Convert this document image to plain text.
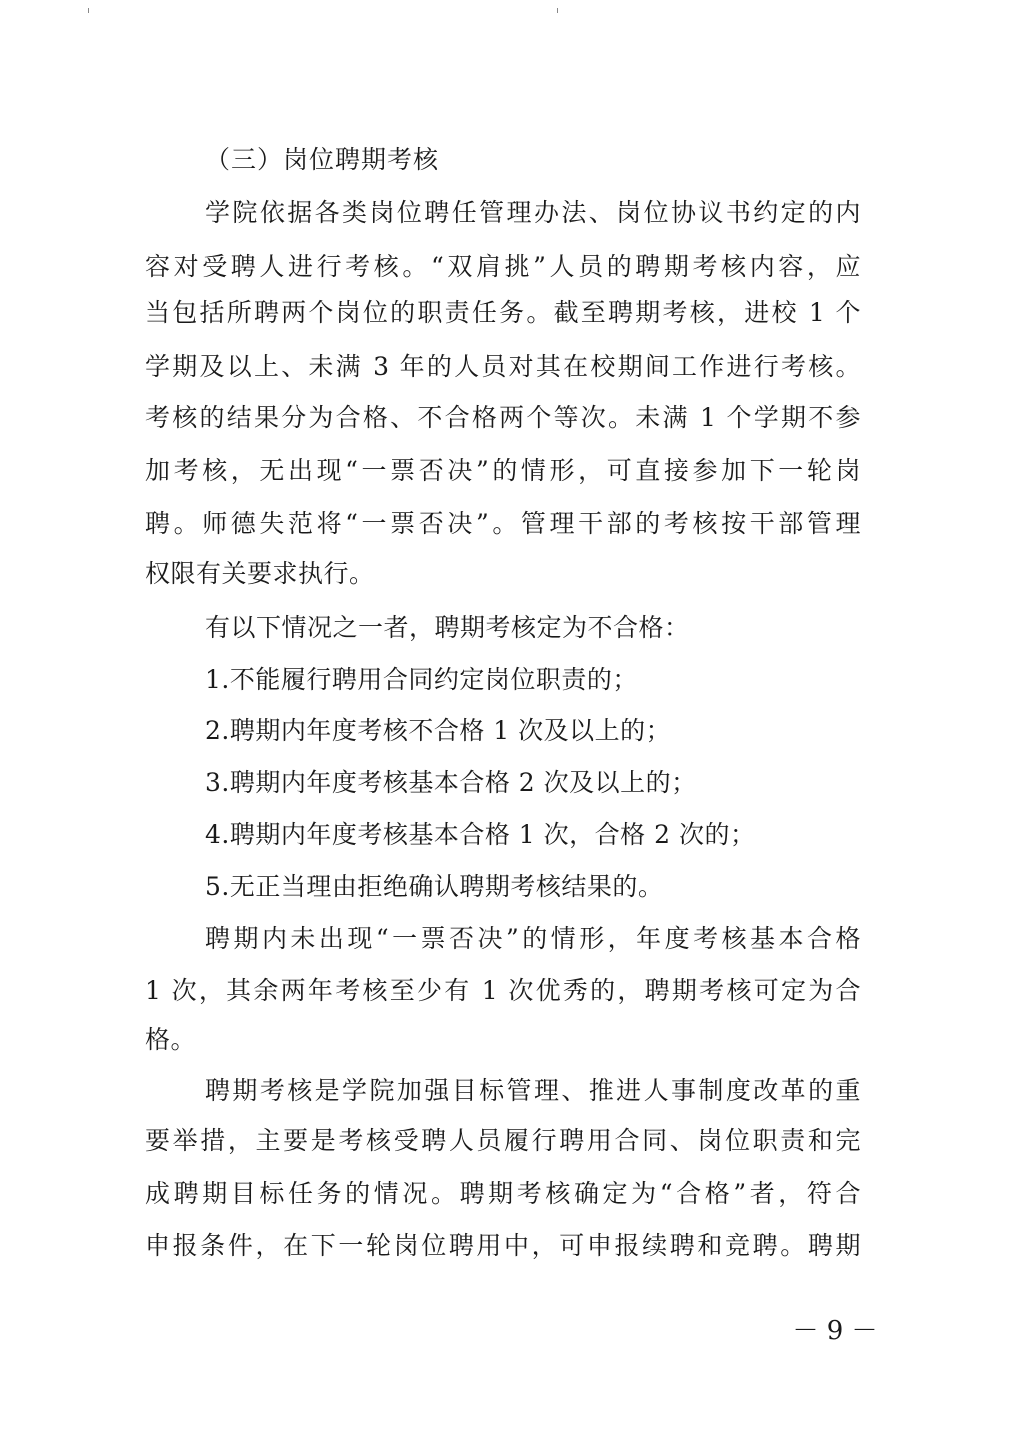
（三）岗位聘期考核
学院依据各类岗位聘任管理办法、岗位协议书约定的内
容对受聘人进行考核。“双肩挑”人员的聘期考核内容，应
当包括所聘两个岗位的职责任务。截至聘期考核，进校 1 个
学期及以上、未满 3 年的人员对其在校期间工作进行考核。
考核的结果分为合格、不合格两个等次。未满 1 个学期不参
加考核，无出现“一票否决”的情形，可直接参加下一轮岗
聘。师德失范将“一票否决”。管理干部的考核按干部管理
权限有关要求执行。
有以下情况之一者，聘期考核定为不合格：
1.不能履行聘用合同约定岗位职责的；
2.聘期内年度考核不合格 1 次及以上的；
3.聘期内年度考核基本合格 2 次及以上的；
4.聘期内年度考核基本合格 1 次，合格 2 次的；
5.无正当理由拒绝确认聘期考核结果的。
聘期内未出现“一票否决”的情形，年度考核基本合格
1 次，其余两年考核至少有 1 次优秀的，聘期考核可定为合
格。
聘期考核是学院加强目标管理、推进人事制度改革的重
要举措，主要是考核受聘人员履行聘用合同、岗位职责和完
成聘期目标任务的情况。聘期考核确定为“合格”者，符合
申报条件，在下一轮岗位聘用中，可申报续聘和竞聘。聘期
－ 9 －
